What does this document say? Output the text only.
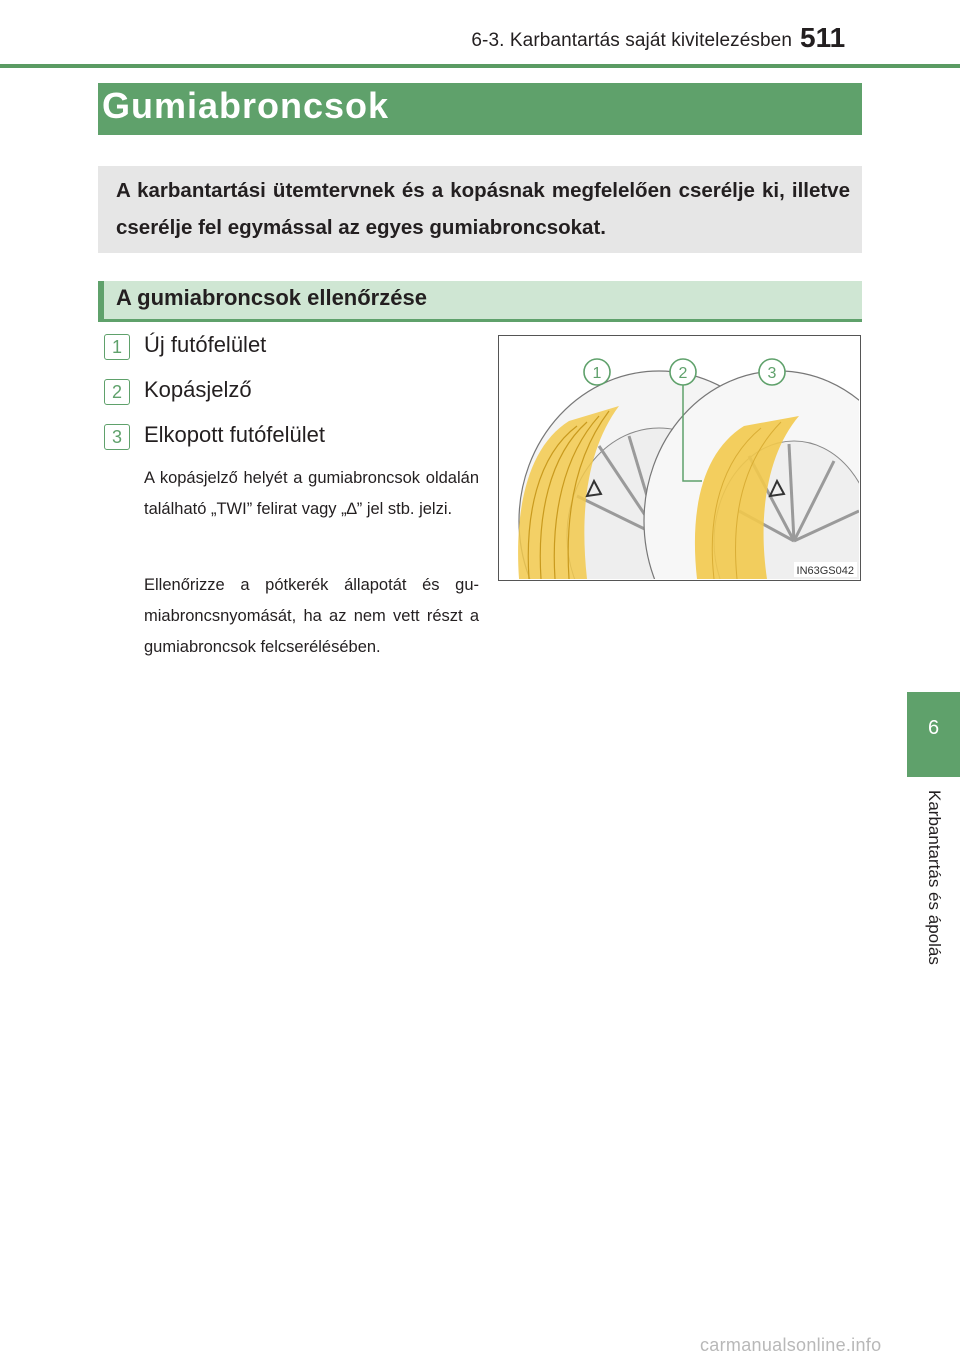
6-3. Karbantartás saját kivitelezésben 511
Gumiabroncsok
A karbantartási ütemtervnek és a kopásnak megfelelően cserélje ki, illetve cserélje fel egymással az egyes gumiabroncsokat.
A gumiabroncsok ellenőrzése
1	Új futófelület
2	Kopásjelző
3	Elkopott futófelület
A kopásjelző helyét a gumiabroncsok oldalán található „TWI” felirat vagy „∆” jel stb. jelzi.
Ellenőrizze a pótkerék állapotát és gu-miabroncsnyomását, ha az nem vett részt a gumiabroncsok felcserélésében.
1	2	3
IN63GS042
6
Karbantartás és ápolás
carmanualsonline.info
